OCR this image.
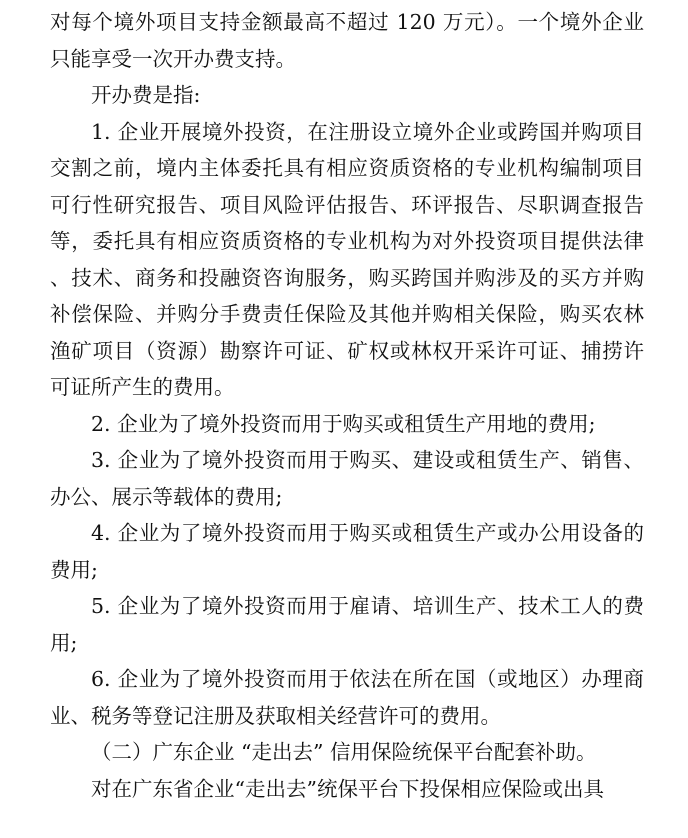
对每个境外项目支持金额最高不超过 120 万元）。一个境外企业只能享受一次开办费支持。

开办费是指:

1. 企业开展境外投资，在注册设立境外企业或跨国并购项目交割之前，境内主体委托具有相应资质资格的专业机构编制项目可行性研究报告、项目风险评估报告、环评报告、尽职调查报告等，委托具有相应资质资格的专业机构为对外投资项目提供法律、技术、商务和投融资咨询服务，购买跨国并购涉及的买方并购补偿保险、并购分手费责任保险及其他并购相关保险，购买农林渔矿项目（资源）勘察许可证、矿权或林权开采许可证、捕捞许可证所产生的费用。

2. 企业为了境外投资而用于购买或租赁生产用地的费用;

3. 企业为了境外投资而用于购买、建设或租赁生产、销售、办公、展示等载体的费用;

4. 企业为了境外投资而用于购买或租赁生产或办公用设备的费用;

5. 企业为了境外投资而用于雇请、培训生产、技术工人的费用;

6. 企业为了境外投资而用于依法在所在国（或地区）办理商业、税务等登记注册及获取相关经营许可的费用。

（二）广东企业 “走出去” 信用保险统保平台配套补助。

对在广东省企业“走出去”统保平台下投保相应保险或出具
